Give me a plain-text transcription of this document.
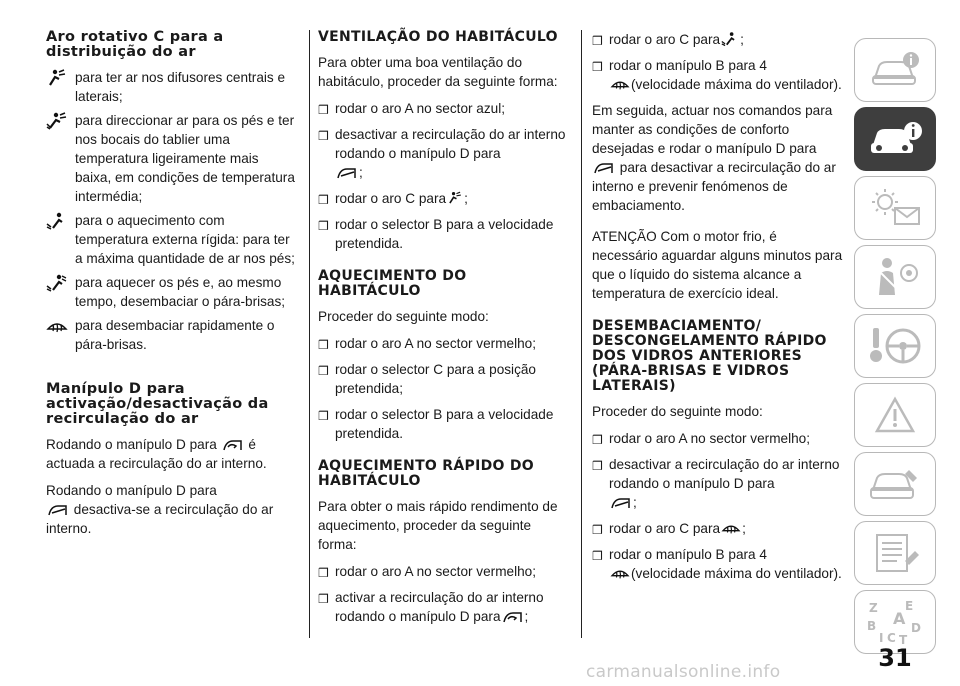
Aro rotativo C para a distribuição do ar
para ter ar nos difusores centrais e laterais;
para direccionar ar para os pés e ter nos bocais do tablier uma temperatura ligeiramente mais baixa, em condições de temperatura intermédia;
para o aquecimento com temperatura externa rígida: para ter a máxima quantidade de ar nos pés;
para aquecer os pés e, ao mesmo tempo, desembaciar o pára-brisas;
para desembaciar rapidamente o pára-brisas.
Manípulo D para activação/desactivação da recirculação do ar

Rodando o manípulo D para é actuada a recirculação do ar interno.

Rodando o manípulo D para
desactiva-se a recirculação do ar interno.

VENTILAÇÃO DO HABITÁCULO

Para obter uma boa ventilação do habitáculo, proceder da seguinte forma:

❒ rodar o aro A no sector azul;
❒ desactivar a recirculação do ar interno rodando o manípulo D para
;
❒ rodar o aro C para ;
❒ rodar o selector B para a velocidade pretendida.
AQUECIMENTO DO HABITÁCULO

Proceder do seguinte modo:

❒ rodar o aro A no sector vermelho;
❒ rodar o selector C para a posição pretendida;
❒ rodar o selector B para a velocidade pretendida.
AQUECIMENTO RÁPIDO DO HABITÁCULO

Para obter o mais rápido rendimento de aquecimento, proceder da seguinte forma:

❒ rodar o aro A no sector vermelho;
❒ activar a recirculação do ar interno rodando o manípulo D para ;
❒ rodar o aro C para ;
❒ rodar o manípulo B para 4
(velocidade máxima do ventilador).

Em seguida, actuar nos comandos para manter as condições de conforto desejadas e rodar o manípulo D para
para desactivar a recirculação do ar interno e prevenir fenómenos de embaciamento.

ATENÇÃO Com o motor frio, é necessário aguardar alguns minutos para que o líquido do sistema alcance a temperatura de exercício ideal.

DESEMBACIAMENTO/ DESCONGELAMENTO RÁPIDO DOS VIDROS ANTERIORES (PÁRA-BRISAS E VIDROS LATERAIS)

Proceder do seguinte modo:

❒ rodar o aro A no sector vermelho;
❒ desactivar a recirculação do ar interno rodando o manípulo D para
;
❒ rodar o aro C para ;
❒ rodar o manípulo B para 4
(velocidade máxima do ventilador).
Z E
A
B	D
I C T
31
carmanualsonline.info
